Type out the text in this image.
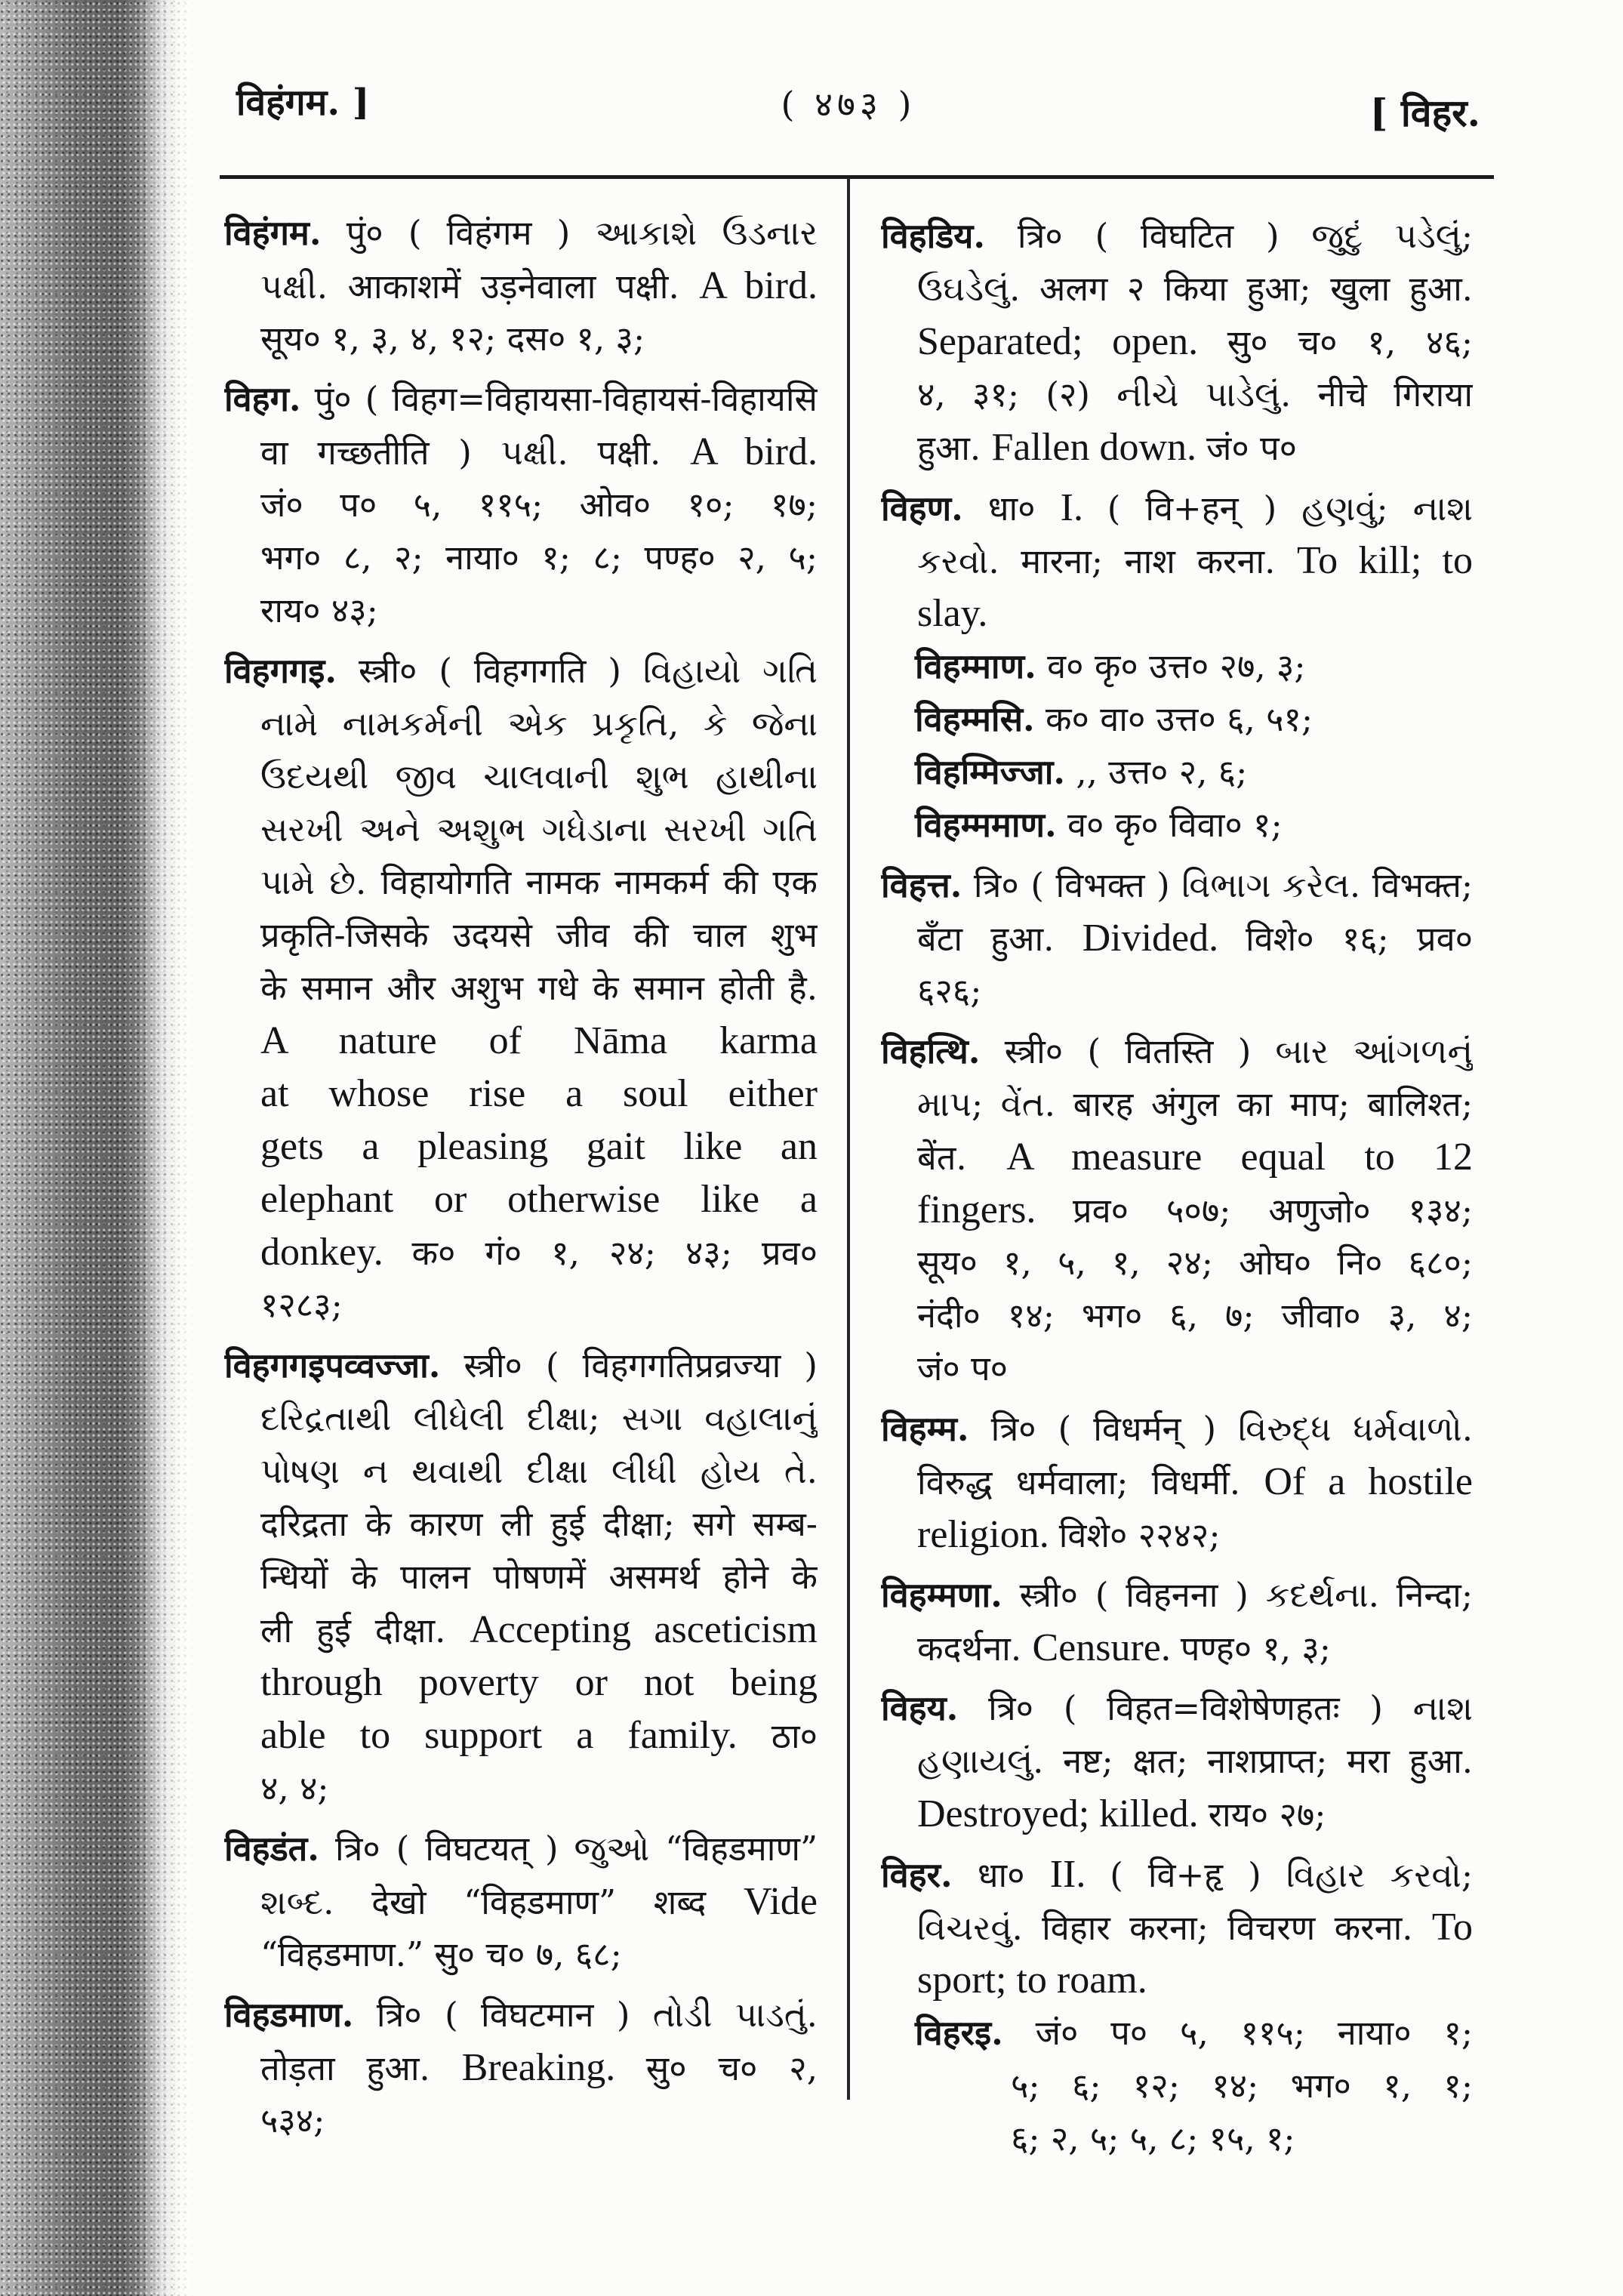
विहंगम. ]	( ४७३ )	[ विहर.
विहंगम. पुं० ( विहंगम ) આકાશે ઉડનાર
પક્ષી. आकाशमें उड़नेवाला पक्षी. A bird.
सूय० १, ३, ४, १२; दस० १, ३;
विहग. पुं० ( विहग=विहायसा-विहायसं-विहायसि
वा गच्छतीति ) પક્ષી. पक्षी. A bird.
जं० प० ५, ११५; ओव० १०; १७;
भग० ८, २; नाया० १; ८; पण्ह० २, ५;
राय० ४३;
विहगगइ. स्त्री० ( विहगगति ) વિહાયો ગતિ
નામે નામકર્મની એક પ્રકૃતિ, કે જેના
ઉદયથી જીવ ચાલવાની શુભ હાથીના
સરખી અને અશુભ ગધેડાના સરખી ગતિ
પામે છે. विहायोगति नामक नामकर्म की एक
प्रकृति-जिसके उदयसे जीव की चाल शुभ
के समान और अशुभ गधे के समान होती है.
A nature of Nāma karma
at whose rise a soul either
gets a pleasing gait like an
elephant or otherwise like a
donkey. क० गं० १, २४; ४३; प्रव०
१२८३;
विहगगइपव्वज्जा. स्त्री० ( विहगगतिप्रव्रज्या )
દરિદ્રતાથી લીધેલી દીક્ષા; સગા વહાલાનું
પોષણ ન થવાથી દીક્ષા લીધી હોય તે.
दरिद्रता के कारण ली हुई दीक्षा; सगे सम्ब-
न्धियों के पालन पोषणमें असमर्थ होने के
ली हुई दीक्षा. Accepting asceticism
through poverty or not being
able to support a family. ठा०
४, ४;
विहडंत. त्रि० ( विघटयत् ) જુઓ “विहडमाण”
શબ્દ. देखो “विहडमाण” शब्द Vide
“विहडमाण.” सु० च० ७, ६८;
विहडमाण. त्रि० ( विघटमान ) તોડી પાડતું.
तोड़ता हुआ. Breaking. सु० च० २,
५३४;
विहडिय. त्रि० ( विघटित ) જુદું પડેલું;
ઉઘડેલું. अलग २ किया हुआ; खुला हुआ.
Separated; open. सु० च० १, ४६;
४, ३१; (२) નીચે પાડેલું. नीचे गिराया
हुआ. Fallen down. जं० प०
विहण. धा० I. ( वि+हन् ) હણવું; નાશ
કરવો. मारना; नाश करना. To kill; to
slay.
विहम्माण. व० कृ० उत्त० २७, ३;
विहम्मसि. क० वा० उत्त० ६, ५१;
विहम्मिज्जा. ,, उत्त० २, ६;
विहम्ममाण. व० कृ० विवा० १;
विहत्त. त्रि० ( विभक्त ) વિભાગ કરેલ. विभक्त;
बँटा हुआ. Divided. विशे० १६; प्रव०
६२६;
विहत्थि. स्त्री० ( वितस्ति ) બાર આંગળનું
માપ; વેંત. बारह अंगुल का माप; बालिश्त;
बेंत. A measure equal to 12
fingers. प्रव० ५०७; अणुजो० १३४;
सूय० १, ५, १, २४; ओघ० नि० ६८०;
नंदी० १४; भग० ६, ७; जीवा० ३, ४;
जं० प०
विहम्म. त्रि० ( विधर्मन् ) વિરુદ્ધ ધર્મવાળો.
विरुद्ध धर्मवाला; विधर्मी. Of a hostile
religion. विशे० २२४२;
विहम्मणा. स्त्री० ( विहनना ) કદર્થના. निन्दा;
कदर्थना. Censure. पण्ह० १, ३;
विहय. त्रि० ( विहत=विशेषेणहतः ) નાશ
હણાયલું. नष्ट; क्षत; नाशप्राप्त; मरा हुआ.
Destroyed; killed. राय० २७;
विहर. धा० II. ( वि+हृ ) વિહાર કરવો;
વિચરવું. विहार करना; विचरण करना. To
sport; to roam.
विहरइ. जं० प० ५, ११५; नाया० १;
५; ६; १२; १४; भग० १, १;
६; २, ५; ५, ८; १५, १;
